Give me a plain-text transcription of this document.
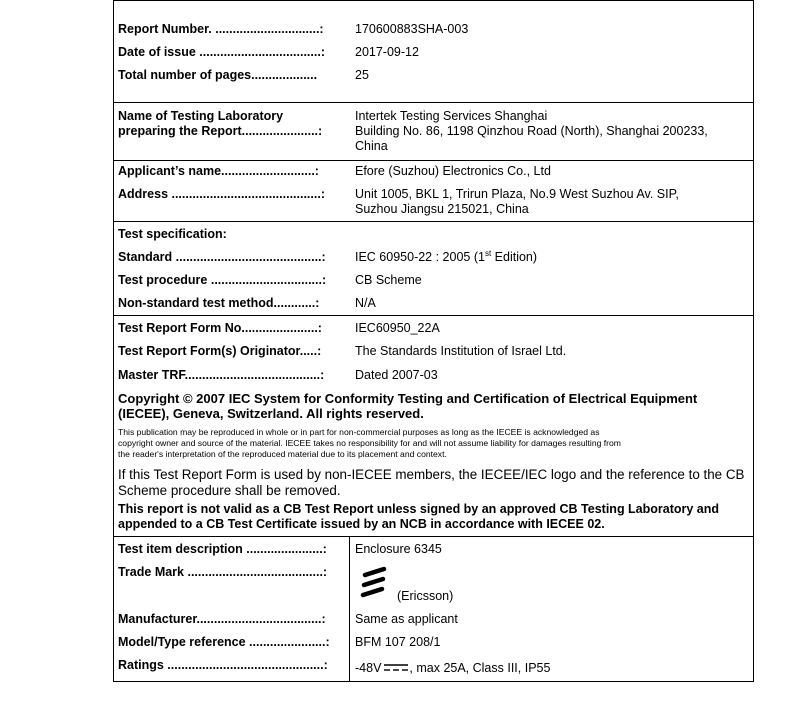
Report Number. ..............................:	170600883SHA-003
Date of issue ...................................: 2017-09-12
Total number of pages...................	25
Name of Testing Laboratory
preparing the Report......................:
Intertek Testing Services Shanghai
Building No. 86, 1198 Qinzhou Road (North), Shanghai 200233,
China
Applicant’s name...........................:	Efore (Suzhou) Electronics Co., Ltd
Address ...........................................: Unit 1005, BKL 1, Trirun Plaza, No.9 West Suzhou Av. SIP,
Suzhou Jiangsu 215021, China
Test specification:
Standard ..........................................: IEC 60950-22 : 2005 (1st Edition)
Test procedure ................................: CB Scheme
Non-standard test method............:	N/A
Test Report Form No......................:	IEC60950_22A
Test Report Form(s) Originator.....:	The Standards Institution of Israel Ltd.
Master TRF.......................................: Dated 2007-03
Copyright © 2007 IEC System for Conformity Testing and Certification of Electrical Equipment
(IECEE), Geneva, Switzerland. All rights reserved.
This publication may be reproduced in whole or in part for non-commercial purposes as long as the IECEE is acknowledged as
copyright owner and source of the material. IECEE takes no responsibility for and will not assume liability for damages resulting from
the reader's interpretation of the reproduced material due to its placement and context.
If this Test Report Form is used by non-IECEE members, the IECEE/IEC logo and the reference to the CB
Scheme procedure shall be removed.
This report is not valid as a CB Test Report unless signed by an approved CB Testing Laboratory and
appended to a CB Test Certificate issued by an NCB in accordance with IECEE 02.
Test item description ......................: Enclosure 6345
Trade Mark .......................................:
(Ericsson)
Manufacturer....................................: Same as applicant
Model/Type reference ......................: BFM 107 208/1
Ratings .............................................: -48V , max 25A, Class III, IP55
